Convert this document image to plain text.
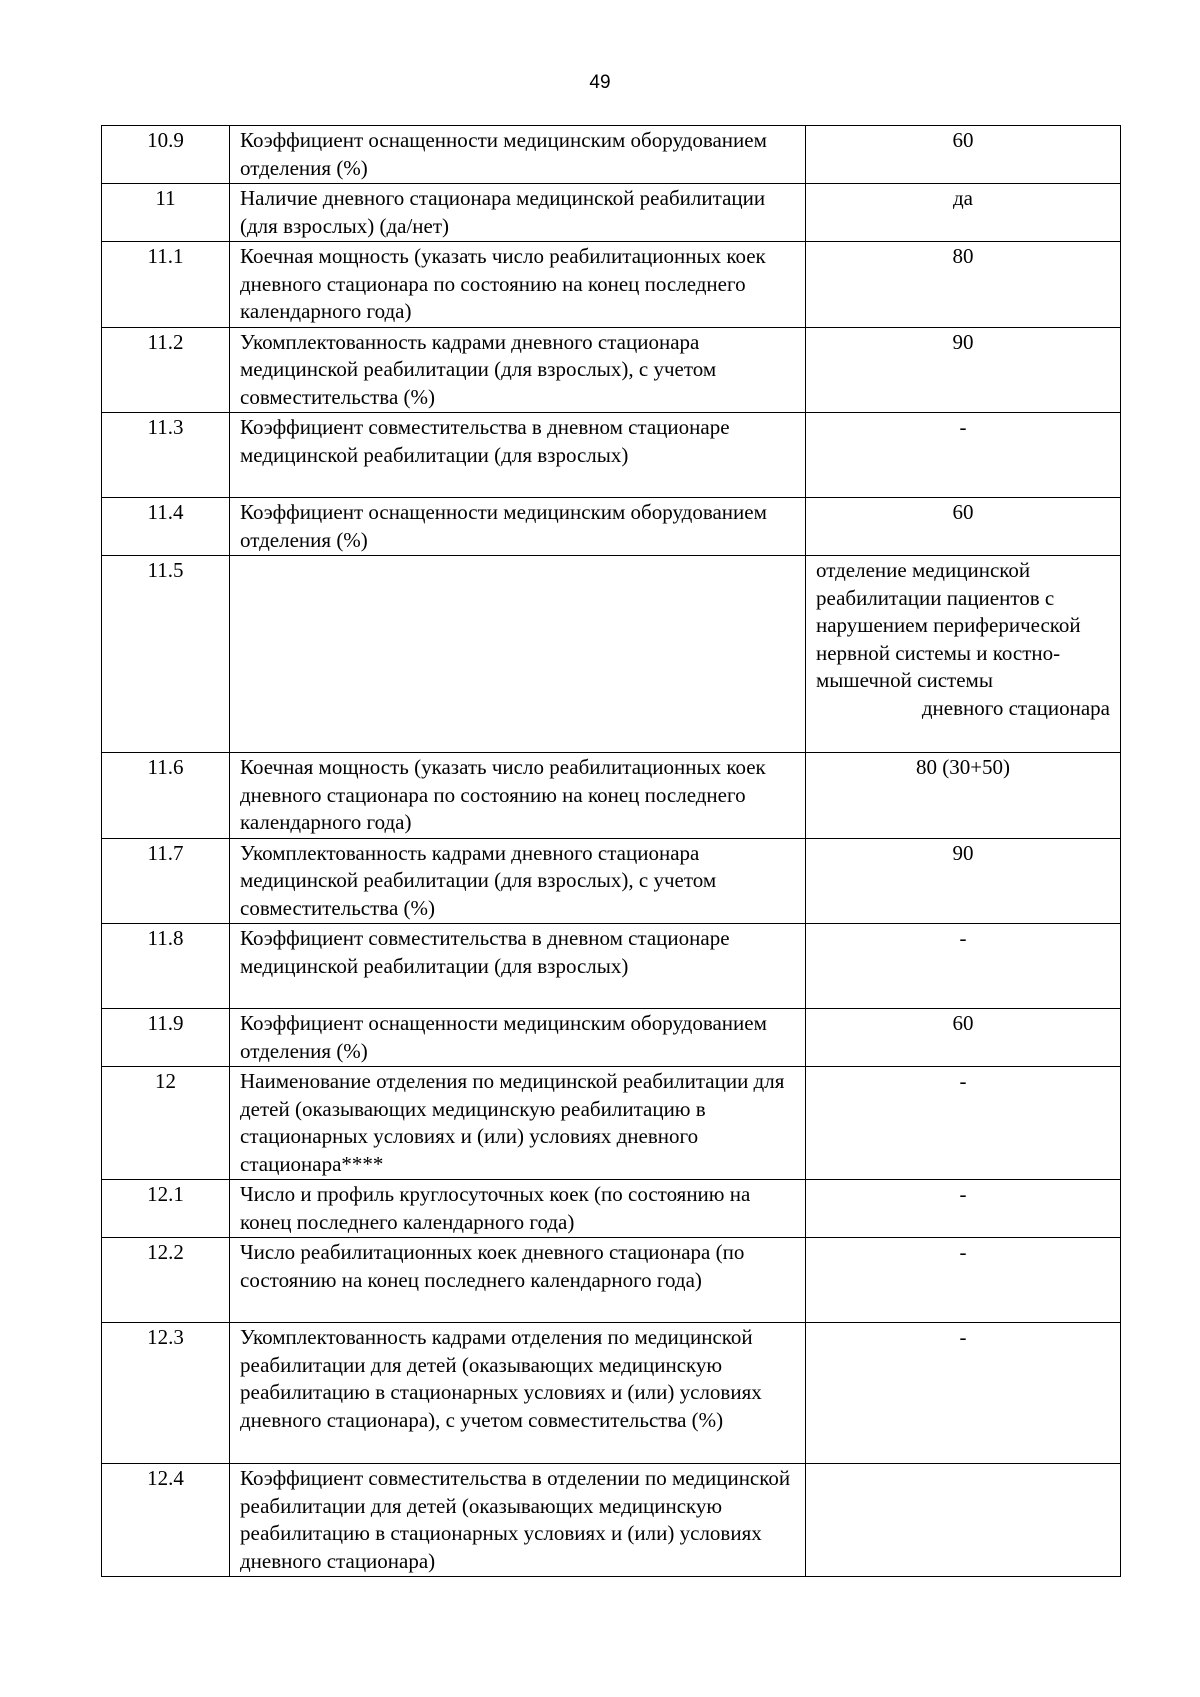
49
10.9	Коэффициент оснащенности медицинским оборудованием отделения (%)	60
11	Наличие дневного стационара медицинской реабилитации (для взрослых) (да/нет)	да
11.1	Коечная мощность (указать число реабилитационных коек дневного стационара по состоянию на конец последнего календарного года)	80
11.2	Укомплектованность кадрами дневного стационара медицинской реабилитации (для взрослых), с учетом совместительства (%)	90
11.3	Коэффициент совместительства в дневном стационаре медицинской реабилитации (для взрослых)	-
11.4	Коэффициент оснащенности медицинским оборудованием отделения (%)	60
11.5		отделение медицинской реабилитации пациентов с нарушением периферической нервной системы и костно-мышечной системы
дневного стационара

11.6	Коечная мощность (указать число реабилитационных коек дневного стационара по состоянию на конец последнего календарного года)	80 (30+50)
11.7	Укомплектованность кадрами дневного стационара медицинской реабилитации (для взрослых), с учетом совместительства (%)	90
11.8	Коэффициент совместительства в дневном стационаре медицинской реабилитации (для взрослых)	-
11.9	Коэффициент оснащенности медицинским оборудованием отделения (%)	60
12	Наименование отделения по медицинской реабилитации для детей (оказывающих медицинскую реабилитацию в стационарных условиях и (или) условиях дневного стационара****	-
12.1	Число и профиль круглосуточных коек (по состоянию на конец последнего календарного года)	-
12.2	Число реабилитационных коек дневного стационара (по состоянию на конец последнего календарного года)	-
12.3	Укомплектованность кадрами отделения по медицинской реабилитации для детей (оказывающих медицинскую реабилитацию в стационарных условиях и (или) условиях дневного стационара), с учетом совместительства (%)	-
12.4	Коэффициент совместительства в отделении по медицинской реабилитации для детей (оказывающих медицинскую реабилитацию в стационарных условиях и (или) условиях дневного стационара)	
